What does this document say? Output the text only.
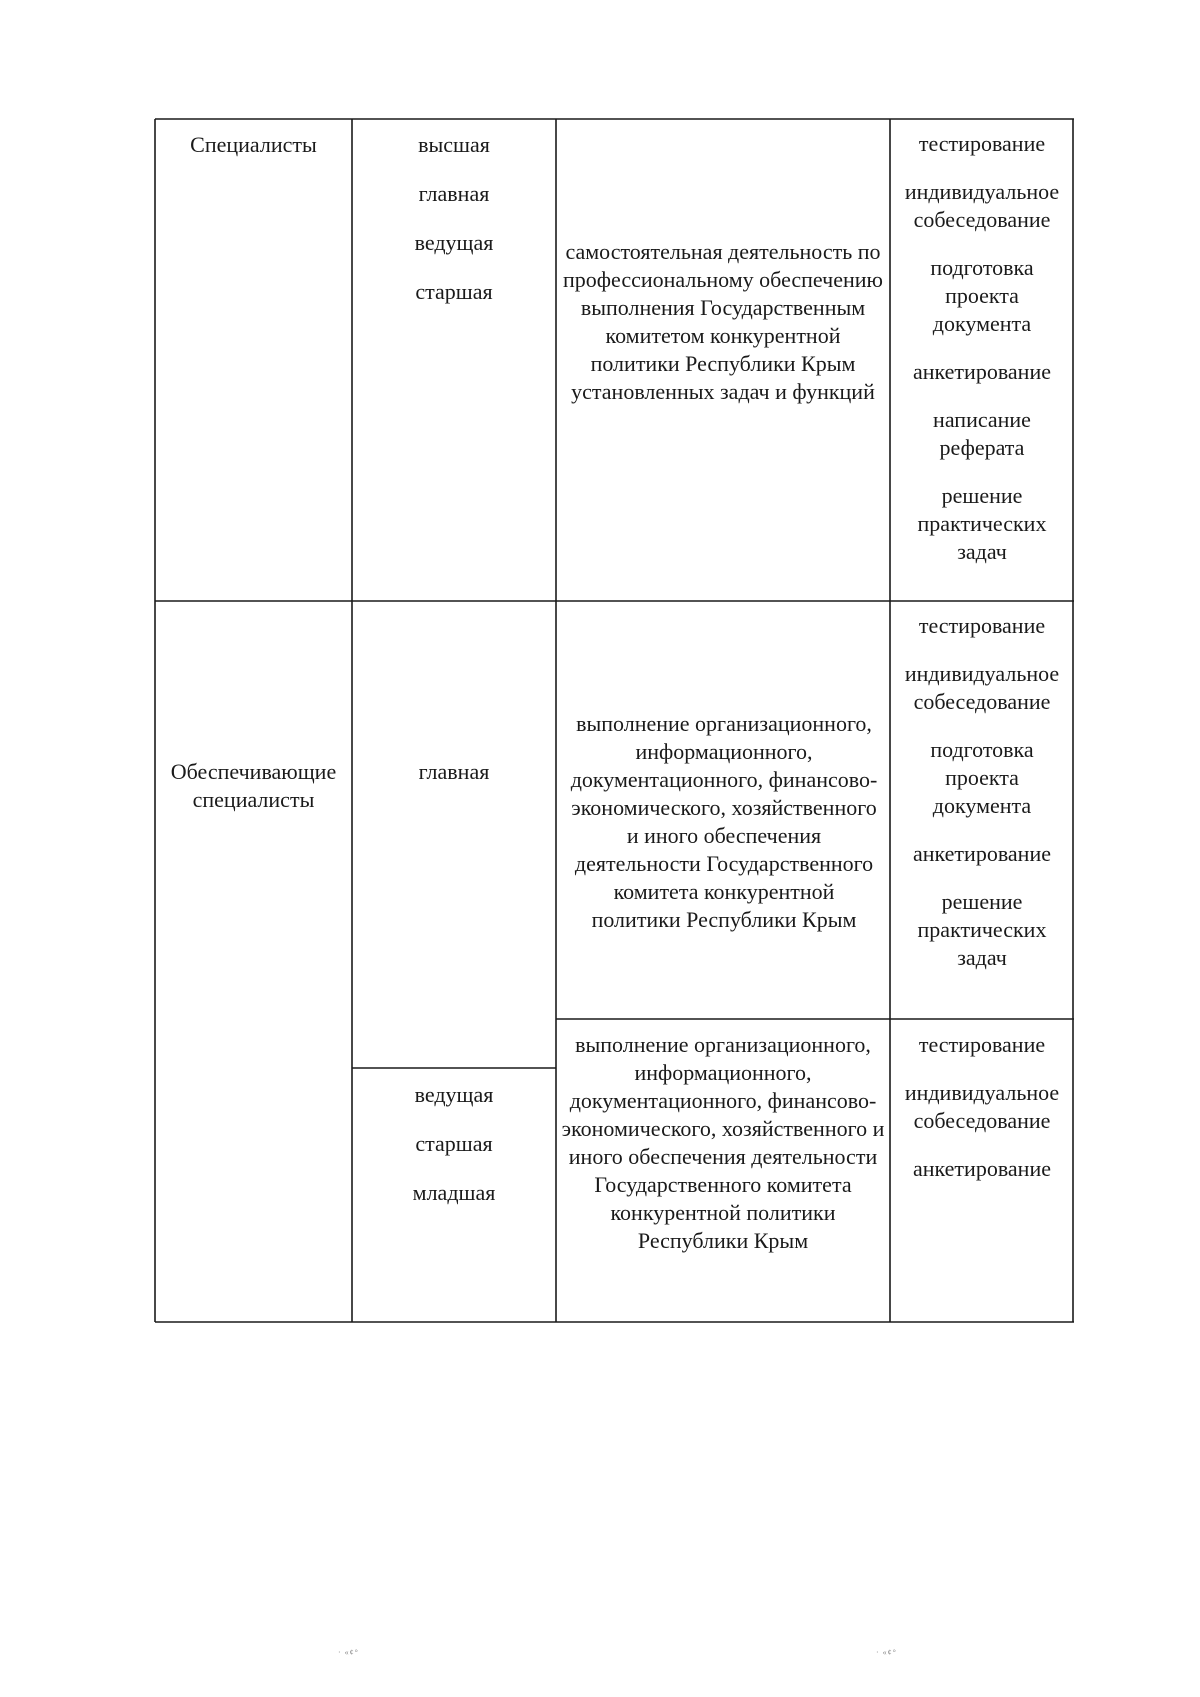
Специалисты	высшая
главная
ведущая
старшая
самостоятельная деятельность по профессиональному обеспечению выполнения Государственным комитетом конкурентной политики Республики Крым установленных задач и функций
тестирование
индивидуальное собеседование
подготовка проекта документа
анкетирование
написание реферата
решение практических задач
Обеспечивающие специалисты
главная
выполнение организационного, информационного, документационного, финансово-экономического, хозяйственного и иного обеспечения деятельности Государственного комитета конкурентной политики Республики Крым
тестирование
индивидуальное собеседование
подготовка проекта документа
анкетирование
решение практических задач
ведущая
старшая
младшая
выполнение организационного, информационного, документационного, финансово-экономического, хозяйственного и иного обеспечения деятельности Государственного комитета конкурентной политики Республики Крым
тестирование
индивидуальное собеседование
анкетирование
· «¢°	· «¢°
